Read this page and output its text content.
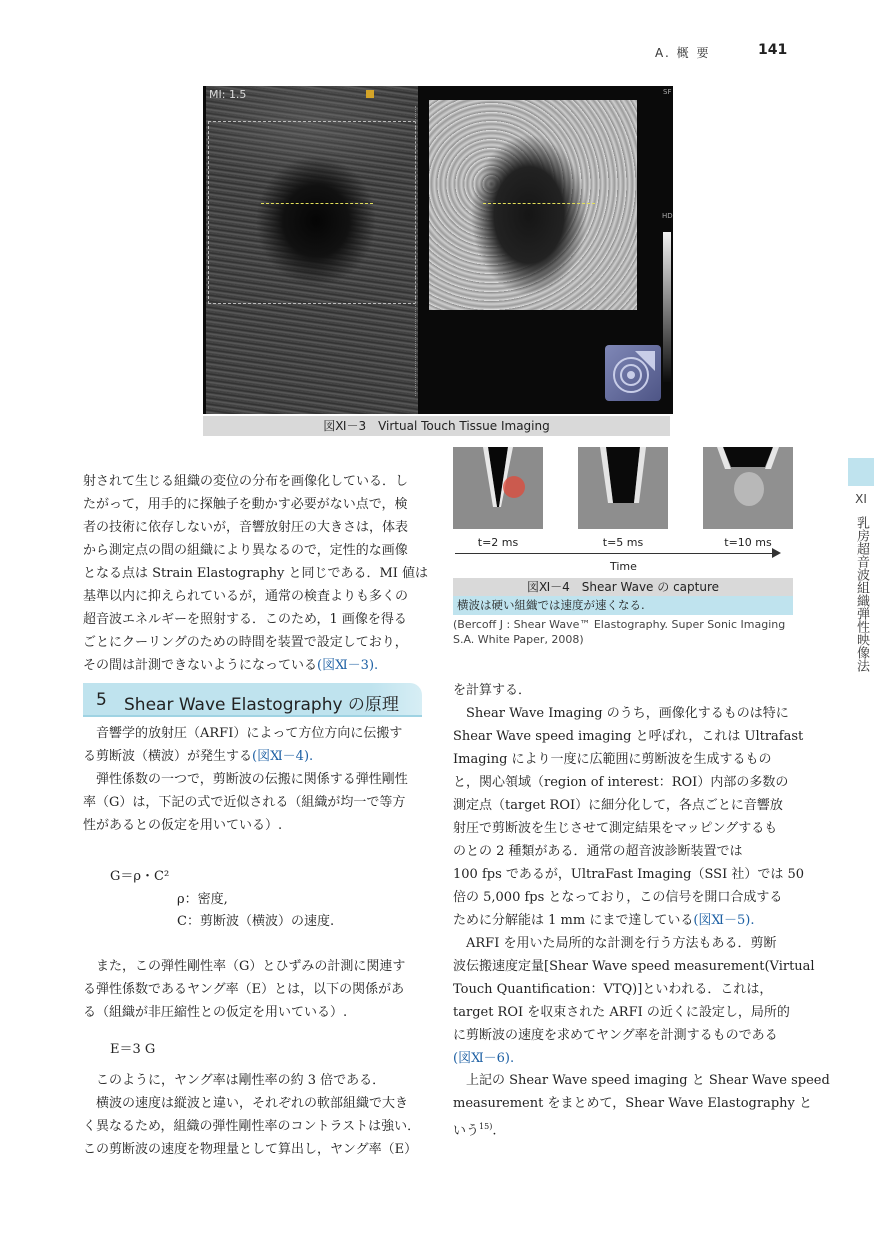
A. 概 要	141
XI
乳房超音波組織弾性映像法
MI: 1.5	SF
HD
図Ⅺ－3　Virtual Touch Tissue Imaging
t=2 ms	t=5 ms	t=10 ms
Time
図Ⅺ－4　Shear Wave の capture
横波は硬い組織では速度が速くなる.
(Bercoff J : Shear Wave™ Elastography. Super Sonic Imaging
S.A. White Paper, 2008)
射されて生じる組織の変位の分布を画像化している．し
たがって，用手的に探触子を動かす必要がない点で，検
者の技術に依存しないが，音響放射圧の大きさは，体表
から測定点の間の組織により異なるので，定性的な画像
となる点は Strain Elastography と同じである．MI 値は
基準以内に抑えられているが，通常の検査よりも多くの
超音波エネルギーを照射する．このため，1 画像を得る
ごとにクーリングのための時間を装置で設定しており，
その間は計測できないようになっている(図Ⅺ－3).
5 Shear Wave Elastography の原理
　音響学的放射圧（ARFI）によって方位方向に伝搬す
る剪断波（横波）が発生する(図Ⅺ－4).
　弾性係数の一つで，剪断波の伝搬に関係する弾性剛性
率（G）は，下記の式で近似される（組織が均一で等方
性があるとの仮定を用いている）.
G＝ρ・C²
ρ：密度,
C：剪断波（横波）の速度.
　また，この弾性剛性率（G）とひずみの計測に関連す
る弾性係数であるヤング率（E）とは，以下の関係があ
る（組織が非圧縮性との仮定を用いている）.
E＝3 G
　このように，ヤング率は剛性率の約 3 倍である．
　横波の速度は縦波と違い，それぞれの軟部組織で大き
く異なるため，組織の弾性剛性率のコントラストは強い．
この剪断波の速度を物理量として算出し，ヤング率（E）
を計算する．
　Shear Wave Imaging のうち，画像化するものは特に
Shear Wave speed imaging と呼ばれ，これは Ultrafast
Imaging により一度に広範囲に剪断波を生成するもの
と，関心領域（region of interest：ROI）内部の多数の
測定点（target ROI）に細分化して，各点ごとに音響放
射圧で剪断波を生じさせて測定結果をマッピングするも
のとの 2 種類がある．通常の超音波診断装置では
100 fps であるが，UltraFast Imaging（SSI 社）では 50
倍の 5,000 fps となっており，この信号を開口合成する
ために分解能は 1 mm にまで達している(図Ⅺ－5).
　ARFI を用いた局所的な計測を行う方法もある．剪断
波伝搬速度定量[Shear Wave speed measurement(Virtual
Touch Quantification：VTQ)]といわれる．これは，
target ROI を収束された ARFI の近くに設定し，局所的
に剪断波の速度を求めてヤング率を計測するものである
(図Ⅺ－6).
　上記の Shear Wave speed imaging と Shear Wave speed
measurement をまとめて，Shear Wave Elastography と
いう$^{15)}$.
